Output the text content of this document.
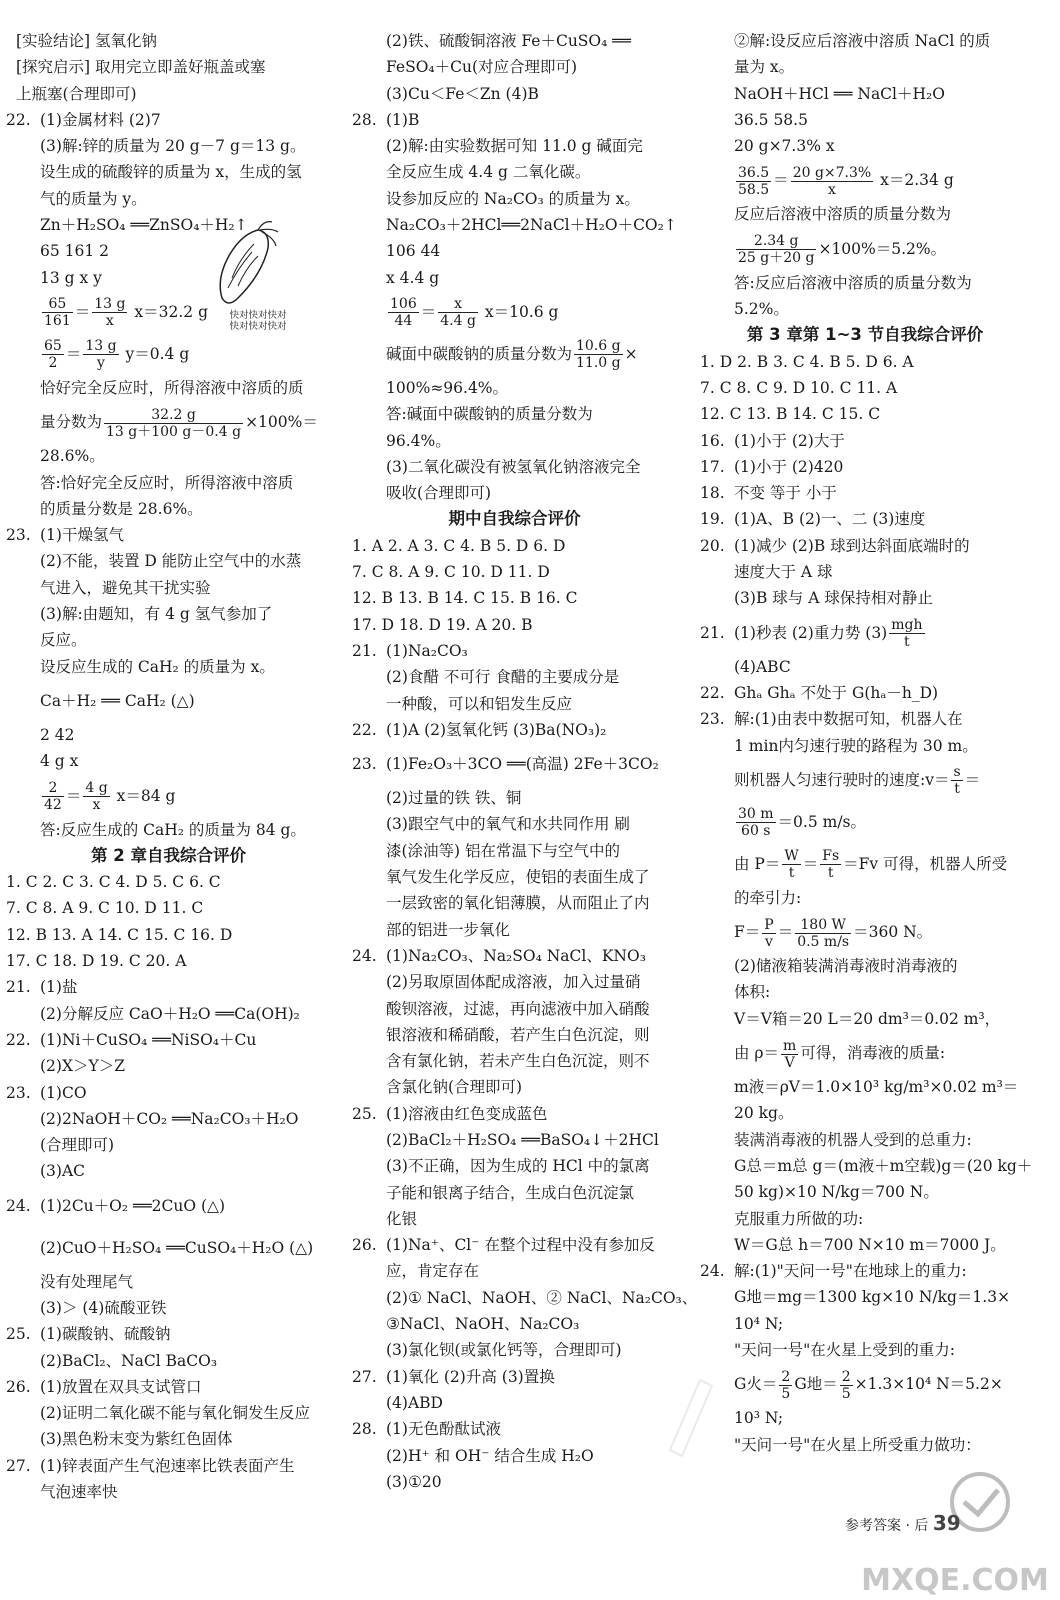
[实验结论] 氢氧化钠
[探究启示] 取用完立即盖好瓶盖或塞
上瓶塞(合理即可)
22. (1)金属材料 (2)7
(3)解:锌的质量为 20 g－7 g＝13 g。
设生成的硫酸锌的质量为 x，生成的氢
气的质量为 y。
Zn＋H₂SO₄ ══ZnSO₄＋H₂↑
65 161 2
13 g x y
$\frac{65}{161} = \frac{13 g}{x} x=32.2$ g
$\frac{65}{2} = \frac{13 g}{y} y=0.4$ g
恰好完全反应时，所得溶液中溶质的质
量分数为 $\frac{32.2 g}{13 g+100 g-0.4 g} \times 100\%=$
28.6%。
答:恰好完全反应时，所得溶液中溶质
的质量分数是 28.6%。
23. (1)干燥氢气
(2)不能，装置 D 能防止空气中的水蒸
气进入，避免其干扰实验
(3)解:由题知，有 4 g 氢气参加了
反应。
设反应生成的 CaH₂ 的质量为 x。
Ca＋H₂ ══ CaH₂ (△)
2 42
4 g x
$\frac{2}{42} = \frac{4 g}{x} x=84$ g
答:反应生成的 CaH₂ 的质量为 84 g。
第 2 章自我综合评价
1. C 2. C 3. C 4. D 5. C 6. C
7. C 8. A 9. C 10. D 11. C
12. B 13. A 14. C 15. C 16. D
17. C 18. D 19. C 20. A
21. (1)盐
(2)分解反应 CaO＋H₂O ══Ca(OH)₂
22. (1)Ni＋CuSO₄ ══NiSO₄＋Cu
(2)X＞Y＞Z
23. (1)CO
(2)2NaOH＋CO₂ ══Na₂CO₃＋H₂O
(合理即可)
(3)AC
24. (1)2Cu＋O₂ ══2CuO (△)
(2)CuO＋H₂SO₄ ══CuSO₄＋H₂O (△)
没有处理尾气
(3)＞ (4)硫酸亚铁
25. (1)碳酸钠、硫酸钠
(2)BaCl₂、NaCl BaCO₃
26. (1)放置在双具支试管口
(2)证明二氧化碳不能与氧化铜发生反应
(3)黑色粉末变为紫红色固体
27. (1)锌表面产生气泡速率比铁表面产生
气泡速率快
(2)铁、硫酸铜溶液 Fe＋CuSO₄ ══
FeSO₄＋Cu(对应合理即可)
(3)Cu＜Fe＜Zn (4)B
28. (1)B
(2)解:由实验数据可知 11.0 g 碱面完
全反应生成 4.4 g 二氧化碳。
设参加反应的 Na₂CO₃ 的质量为 x。
Na₂CO₃＋2HCl══2NaCl＋H₂O＋CO₂↑
106 44
x 4.4 g
$\frac{106}{44} = \frac{x}{4.4 g} x=10.6$ g
碱面中碳酸钠的质量分数为 $\frac{10.6 g}{11.0 g}$ ×
100%≈96.4%。
答:碱面中碳酸钠的质量分数为
96.4%。
(3)二氧化碳没有被氢氧化钠溶液完全
吸收(合理即可)
期中自我综合评价
1. A 2. A 3. C 4. B 5. D 6. D
7. C 8. A 9. C 10. D 11. D
12. B 13. B 14. C 15. B 16. C
17. D 18. D 19. A 20. B
21. (1)Na₂CO₃
(2)食醋 不可行 食醋的主要成分是
一种酸，可以和铝发生反应
22. (1)A (2)氢氧化钙 (3)Ba(NO₃)₂
23. (1)Fe₂O₃＋3CO ══(高温) 2Fe＋3CO₂
(2)过量的铁 铁、铜
(3)跟空气中的氧气和水共同作用 刷
漆(涂油等) 铝在常温下与空气中的
氧气发生化学反应，使铝的表面生成了
一层致密的氧化铝薄膜，从而阻止了内
部的铝进一步氧化
24. (1)Na₂CO₃、Na₂SO₄ NaCl、KNO₃
(2)另取原固体配成溶液，加入过量硝
酸钡溶液，过滤，再向滤液中加入硝酸
银溶液和稀硝酸，若产生白色沉淀，则
含有氯化钠，若未产生白色沉淀，则不
含氯化钠(合理即可)
25. (1)溶液由红色变成蓝色
(2)BaCl₂＋H₂SO₄ ══BaSO₄↓＋2HCl
(3)不正确，因为生成的 HCl 中的氯离
子能和银离子结合，生成白色沉淀氯
化银
26. (1)Na⁺、Cl⁻ 在整个过程中没有参加反
应，肯定存在
(2)① NaCl、NaOH、② NaCl、Na₂CO₃、
③NaCl、NaOH、Na₂CO₃
(3)氯化钡(或氯化钙等，合理即可)
27. (1)氧化 (2)升高 (3)置换
(4)ABD
28. (1)无色酚酞试液
(2)H⁺ 和 OH⁻ 结合生成 H₂O
(3)①20
②解:设反应后溶液中溶质 NaCl 的质
量为 x。
NaOH＋HCl ══ NaCl＋H₂O
36.5 58.5
20 g×7.3% x
$\frac{36.5}{58.5} = \frac{20 g\times 7.3\%}{x} x=2.34$ g
反应后溶液中溶质的质量分数为
$\frac{2.34 g}{25 g+20 g} \times 100\%=5.2\%$。
答:反应后溶液中溶质的质量分数为
5.2%。
第 3 章第 1~3 节自我综合评价
1. D 2. B 3. C 4. B 5. D 6. A
7. C 8. C 9. D 10. C 11. A
12. C 13. B 14. C 15. C
16. (1)小于 (2)大于
17. (1)小于 (2)420
18. 不变 等于 小于
19. (1)A、B (2)一、二 (3)速度
20. (1)减少 (2)B 球到达斜面底端时的
速度大于 A 球
(3)B 球与 A 球保持相对静止
21. (1)秒表 (2)重力势 (3) mgh
t
(4)ABC
22. Ghₐ Ghₐ 不处于 G(hₐ－h_D)
23. 解:(1)由表中数据可知，机器人在
1 min内匀速行驶的路程为 30 m。
则机器人匀速行驶时的速度:v＝ $\frac{s}{t}$ ＝
$\frac{30 m}{60 s} =0.5$ m/s。
由 $P= \frac{W}{t} = \frac{Fs}{t} =Fv$ 可得，机器人所受
的牵引力:
$F= \frac{P}{v} = \frac{180 W}{0.5 m/s} =360$ N。
(2)储液箱装满消毒液时消毒液的
体积:
V＝V箱＝20 L＝20 dm³＝0.02 m³，
由 $\rho= \frac{m}{V}$ 可得，消毒液的质量:
m液＝ρV＝1.0×10³ kg/m³×0.02 m³＝
20 kg。
装满消毒液的机器人受到的总重力:
G总＝m总 g＝(m液＋m空载)g＝(20 kg＋
50 kg)×10 N/kg＝700 N。
克服重力所做的功:
W＝G总 h＝700 N×10 m＝7000 J。
24. 解:(1)"天问一号"在地球上的重力:
G地＝mg＝1300 kg×10 N/kg＝1.3×
10⁴ N;
"天问一号"在火星上受到的重力:
G火＝ $\frac{2}{5}$ G地＝ $\frac{2}{5} \times 1.3\times 10^4$ N＝5.2×
10³ N;
"天问一号"在火星上所受重力做功：
快对快对快对
快对快对快对
MXQE.COM
参考答案 · 后 39
